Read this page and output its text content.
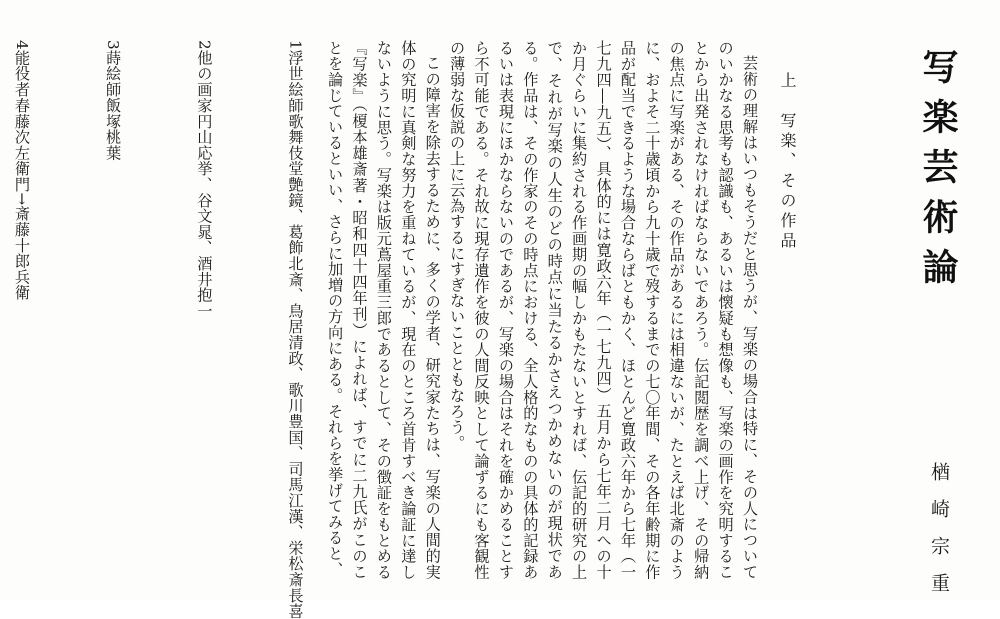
写楽芸術論
楢崎宗重
上　写楽、その作品

芸術の理解はいつもそうだと思うが、写楽の場合は特に、その人についてのいかなる思考も認識も、あるいは懐疑も想像も、写楽の画作を究明することから出発されなければならないであろう。伝記閲歴を調べ上げ、その帰納の焦点に写楽がある、その作品があるには相違ないが、たとえば北斎のように、およそ二十歳頃から九十歳で歿するまでの七〇年間、その各年齢期に作品が配当できるような場合ならばともかく、ほとんど寛政六年から七年（一七九四―九五）、具体的には寛政六年（一七九四）五月から七年二月への十か月ぐらいに集約される作画期の幅しかもたないとすれば、伝記的研究の上で、それが写楽の人生のどの時点に当たるかさえつかめないのが現状である。作品は、その作家のその時点における、全人格的なものの具体的記録あるいは表現にほかならないのであるが、写楽の場合はそれを確かめることすら不可能である。それ故に現存遺作を彼の人間反映として論ずるにも客観性の薄弱な仮説の上に云為するにすぎないことともなろう。

この障害を除去するために、多くの学者、研究家たちは、写楽の人間的実体の究明に真剣な努力を重ねているが、現在のところ首肯すべき論証に達しないように思う。写楽は版元蔦屋重三郎であるとして、その徴証をもとめる『写楽』（榎本雄斎著・昭和四十四年刊）によれば、すでに二九氏がこのことを論じているといい、さらに加増の方向にある。それらを挙げてみると、

1浮世絵師歌舞伎堂艶鏡、葛飾北斎、鳥居清政、歌川豊国、司馬江漢、栄松斎長喜
2他の画家円山応挙、谷文晁、酒井抱一
3蒔絵師飯塚桃葉
4能役者春藤次左衛門→斎藤十郎兵衛
